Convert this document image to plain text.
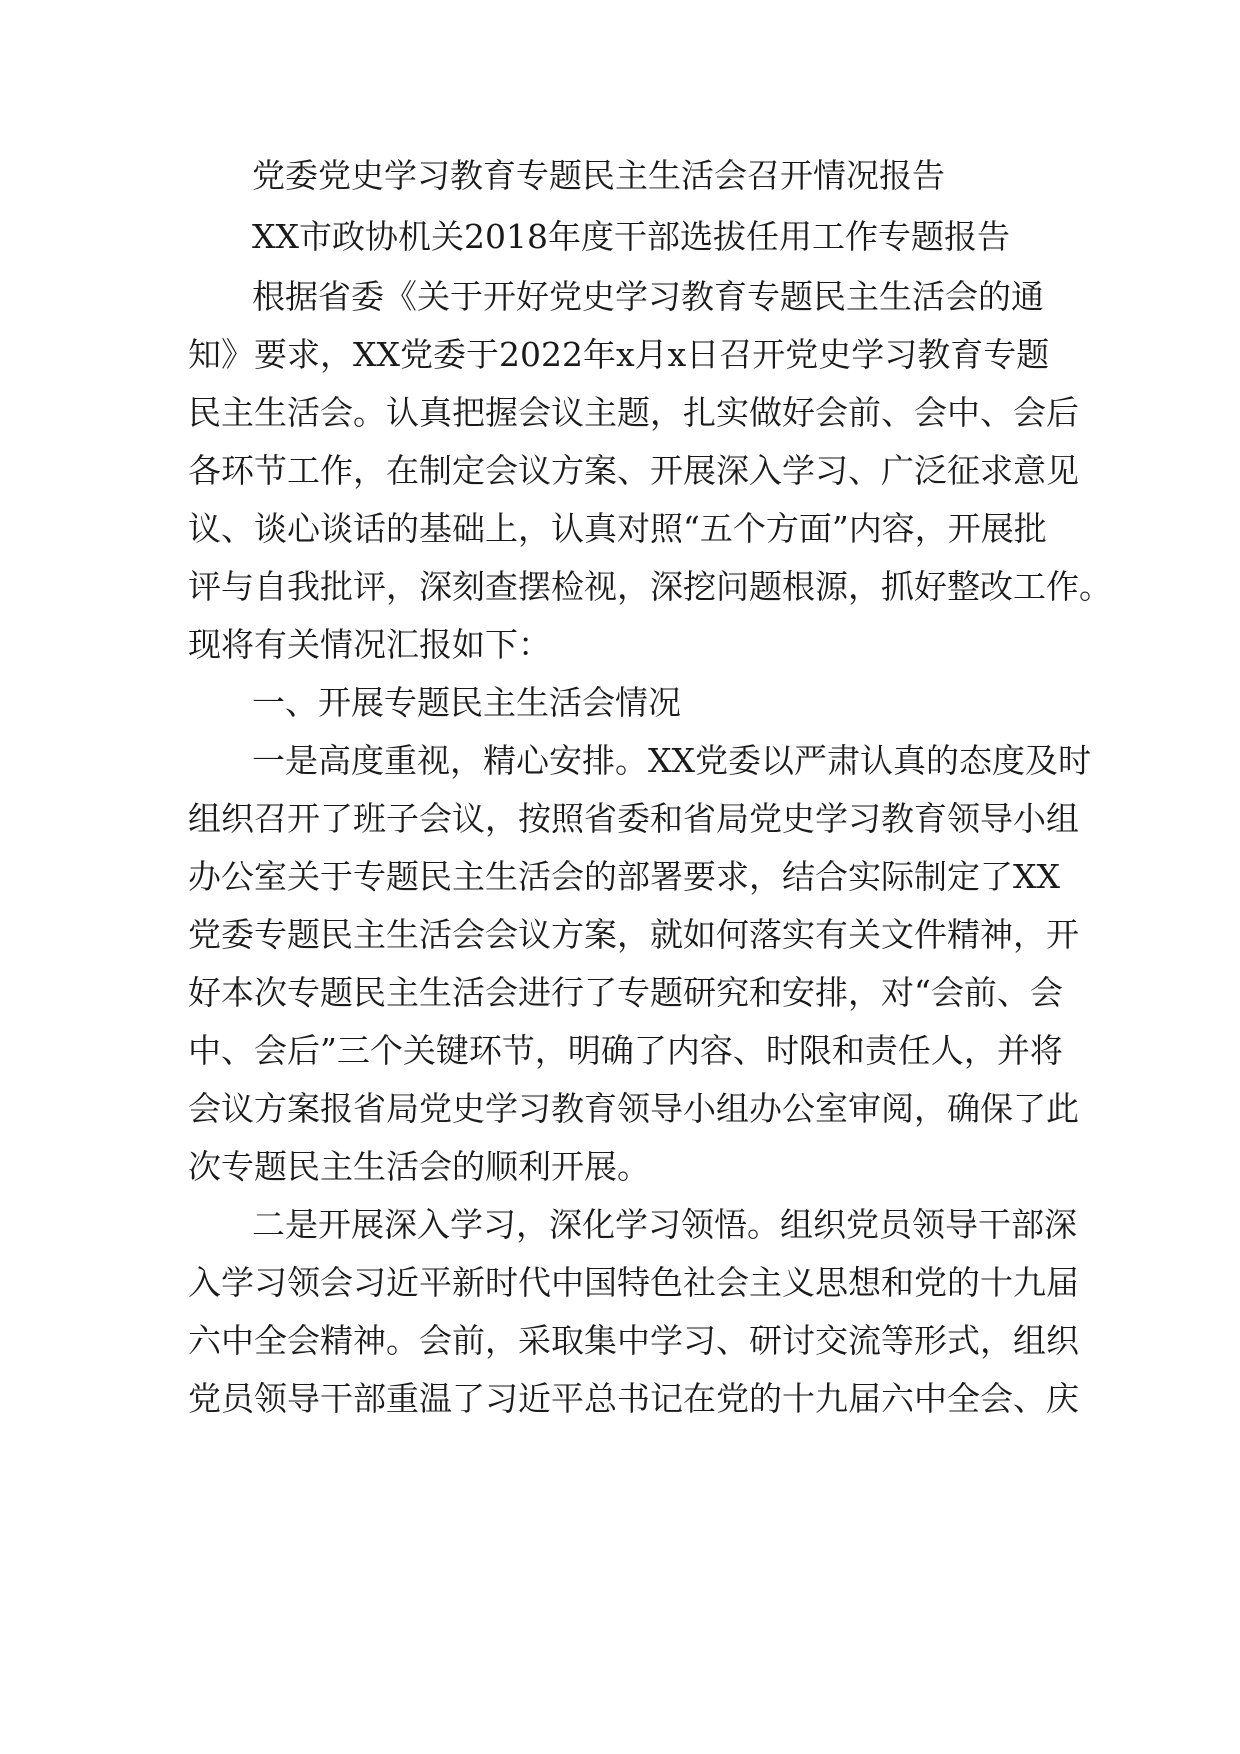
党委党史学习教育专题民主生活会召开情况报告
XX市政协机关2018年度干部选拔任用工作专题报告
根据省委《关于开好党史学习教育专题民主生活会的通
知》要求，XX党委于2022年x月x日召开党史学习教育专题
民主生活会。认真把握会议主题，扎实做好会前、会中、会后
各环节工作，在制定会议方案、开展深入学习、广泛征求意见
议、谈心谈话的基础上，认真对照“五个方面”内容，开展批
评与自我批评，深刻查摆检视，深挖问题根源，抓好整改工作。
现将有关情况汇报如下：
一、开展专题民主生活会情况
一是高度重视，精心安排。XX党委以严肃认真的态度及时
组织召开了班子会议，按照省委和省局党史学习教育领导小组
办公室关于专题民主生活会的部署要求，结合实际制定了XX
党委专题民主生活会会议方案，就如何落实有关文件精神，开
好本次专题民主生活会进行了专题研究和安排，对“会前、会
中、会后”三个关键环节，明确了内容、时限和责任人，并将
会议方案报省局党史学习教育领导小组办公室审阅，确保了此
次专题民主生活会的顺利开展。
二是开展深入学习，深化学习领悟。组织党员领导干部深
入学习领会习近平新时代中国特色社会主义思想和党的十九届
六中全会精神。会前，采取集中学习、研讨交流等形式，组织
党员领导干部重温了习近平总书记在党的十九届六中全会、庆
